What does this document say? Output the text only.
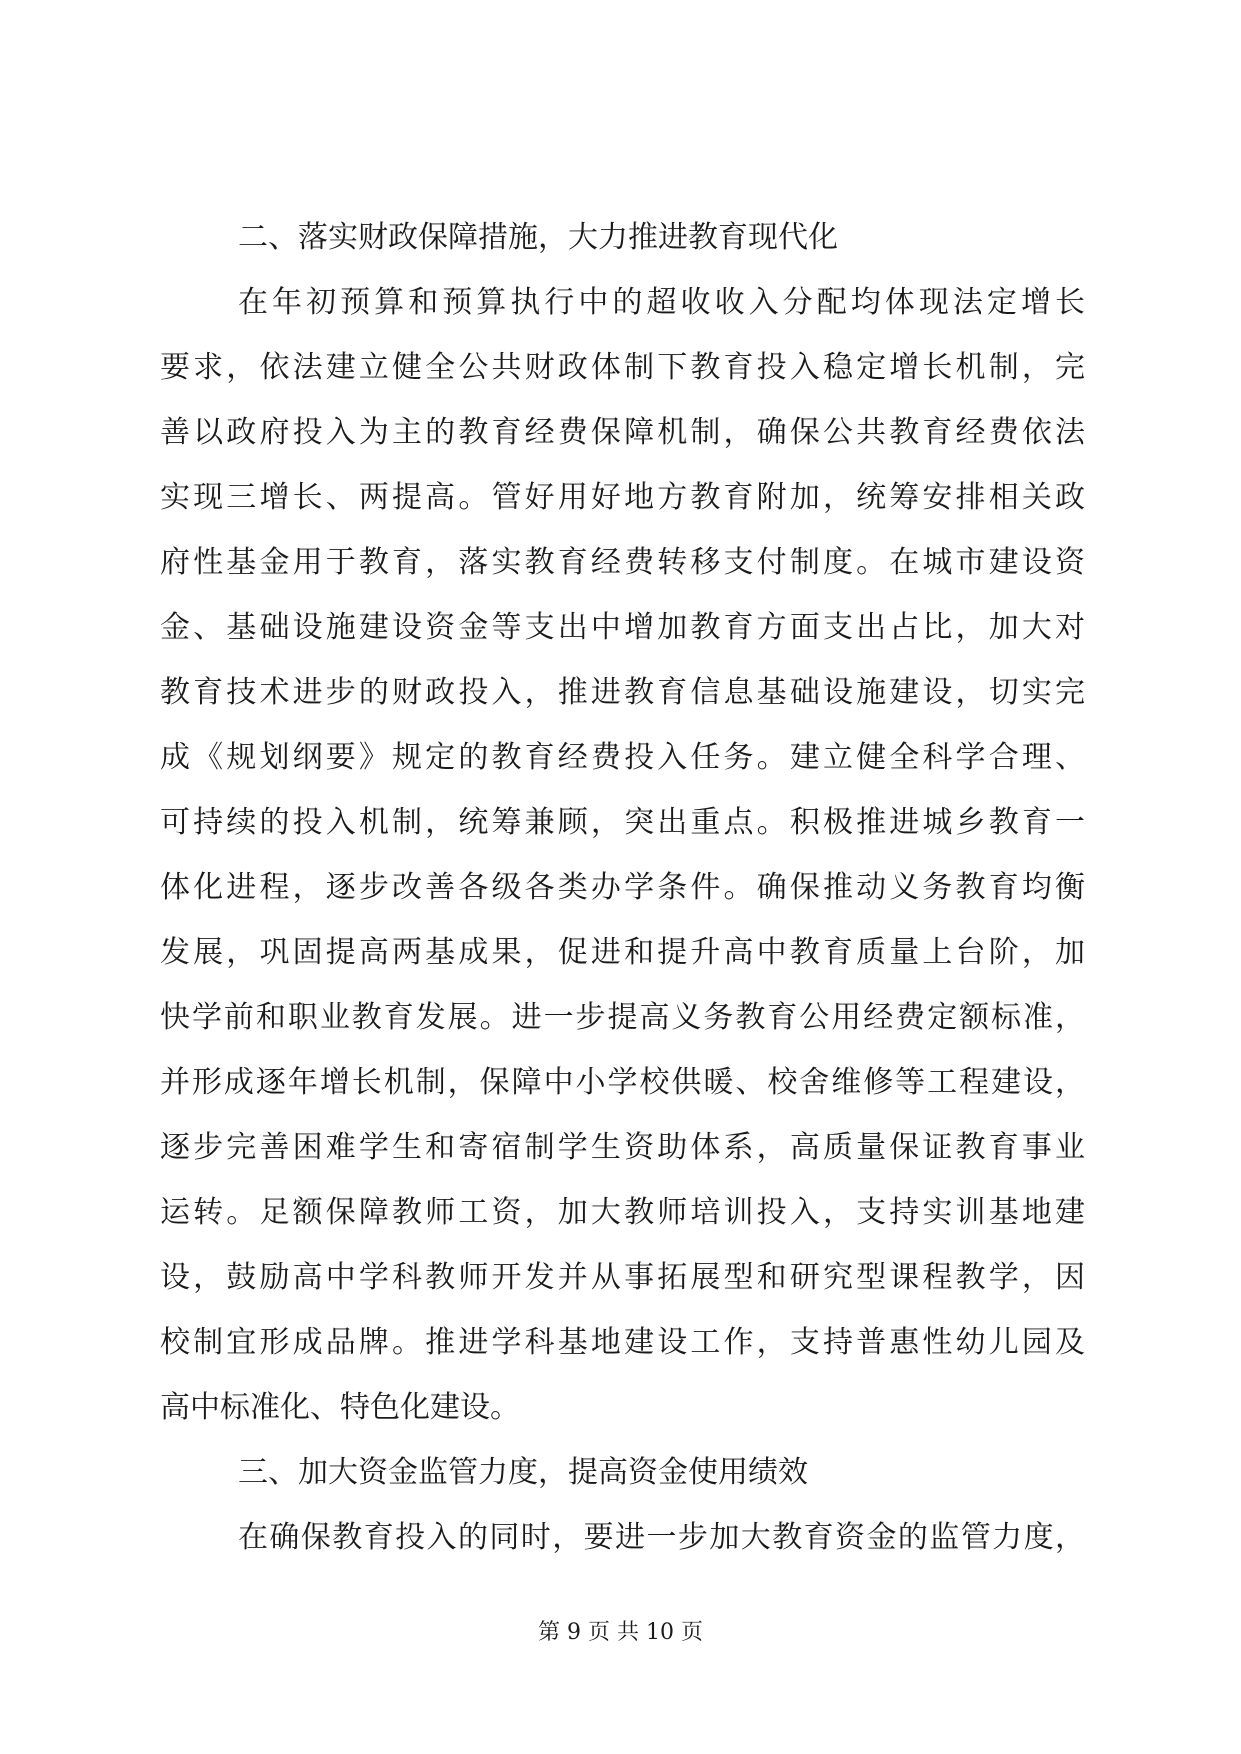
二、落实财政保障措施，大力推进教育现代化
在年初预算和预算执行中的超收收入分配均体现法定增长
要求，依法建立健全公共财政体制下教育投入稳定增长机制，完
善以政府投入为主的教育经费保障机制，确保公共教育经费依法
实现三增长、两提高。管好用好地方教育附加，统筹安排相关政
府性基金用于教育，落实教育经费转移支付制度。在城市建设资
金、基础设施建设资金等支出中增加教育方面支出占比，加大对
教育技术进步的财政投入，推进教育信息基础设施建设，切实完
成《规划纲要》规定的教育经费投入任务。建立健全科学合理、
可持续的投入机制，统筹兼顾，突出重点。积极推进城乡教育一
体化进程，逐步改善各级各类办学条件。确保推动义务教育均衡
发展，巩固提高两基成果，促进和提升高中教育质量上台阶，加
快学前和职业教育发展。进一步提高义务教育公用经费定额标准，
并形成逐年增长机制，保障中小学校供暖、校舍维修等工程建设，
逐步完善困难学生和寄宿制学生资助体系，高质量保证教育事业
运转。足额保障教师工资，加大教师培训投入，支持实训基地建
设，鼓励高中学科教师开发并从事拓展型和研究型课程教学，因
校制宜形成品牌。推进学科基地建设工作，支持普惠性幼儿园及
高中标准化、特色化建设。
三、加大资金监管力度，提高资金使用绩效
在确保教育投入的同时，要进一步加大教育资金的监管力度，
第 9 页 共 10 页
